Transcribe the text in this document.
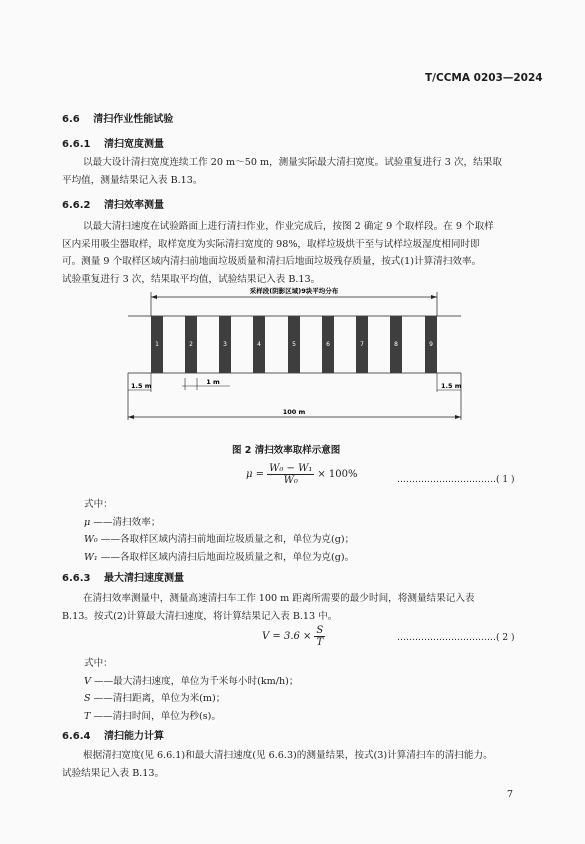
T/CCMA 0203—2024
6.6 清扫作业性能试验
6.6.1 清扫宽度测量
以最大设计清扫宽度连续工作 20 m～50 m，测量实际最大清扫宽度。试验重复进行 3 次，结果取
平均值，测量结果记入表 B.13。
6.6.2 清扫效率测量
以最大清扫速度在试验路面上进行清扫作业，作业完成后，按图 2 确定 9 个取样段。在 9 个取样
区内采用吸尘器取样，取样宽度为实际清扫宽度的 98%，取样垃圾烘干至与试样垃圾湿度相同时即
可。测量 9 个取样区域内清扫前地面垃圾质量和清扫后地面垃圾残存质量，按式(1)计算清扫效率。
试验重复进行 3 次，结果取平均值，试验结果记入表 B.13。
采样段(阴影区域)9块平均分布
1	2	3	4	5	6	7	8	9
1 m
1.5 m	1.5 m
100 m
图 2 清扫效率取样示意图
$\mu = \frac{\text{W₀ − W₁}}{\text{W₀}} \times 100\%$	……………………………( 1 )
式中：
μ ——清扫效率；
W₀ ——各取样区域内清扫前地面垃圾质量之和，单位为克(g)；
W₁ ——各取样区域内清扫后地面垃圾质量之和，单位为克(g)。
6.6.3 最大清扫速度测量
在清扫效率测量中，测量高速清扫车工作 100 m 距离所需要的最少时间，将测量结果记入表
B.13。按式(2)计算最大清扫速度，将计算结果记入表 B.13 中。
$V = 3.6 \times \frac{S}{T}$	……………………………( 2 )
式中：
V ——最大清扫速度，单位为千米每小时(km/h)；
S ——清扫距离，单位为米(m)；
T ——清扫时间，单位为秒(s)。
6.6.4 清扫能力计算
根据清扫宽度(见 6.6.1)和最大清扫速度(见 6.6.3)的测量结果，按式(3)计算清扫车的清扫能力。
试验结果记入表 B.13。
7
